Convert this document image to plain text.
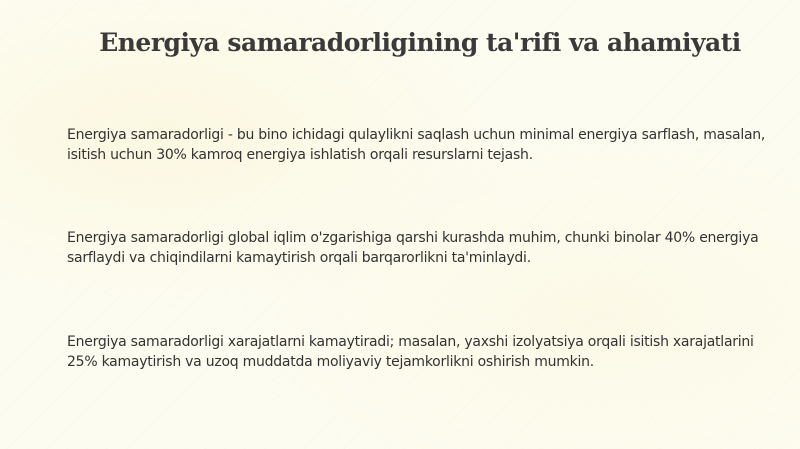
Energiya samaradorligining ta'rifi va ahamiyati

Energiya samaradorligi - bu bino ichidagi qulaylikni saqlash uchun minimal energiya sarflash, masalan, isitish uchun 30% kamroq energiya ishlatish orqali resurslarni tejash.

Energiya samaradorligi global iqlim o'zgarishiga qarshi kurashda muhim, chunki binolar 40% energiya sarflaydi va chiqindilarni kamaytirish orqali barqarorlikni ta'minlaydi.

Energiya samaradorligi xarajatlarni kamaytiradi; masalan, yaxshi izolyatsiya orqali isitish xarajatlarini 25% kamaytirish va uzoq muddatda moliyaviy tejamkorlikni oshirish mumkin.
